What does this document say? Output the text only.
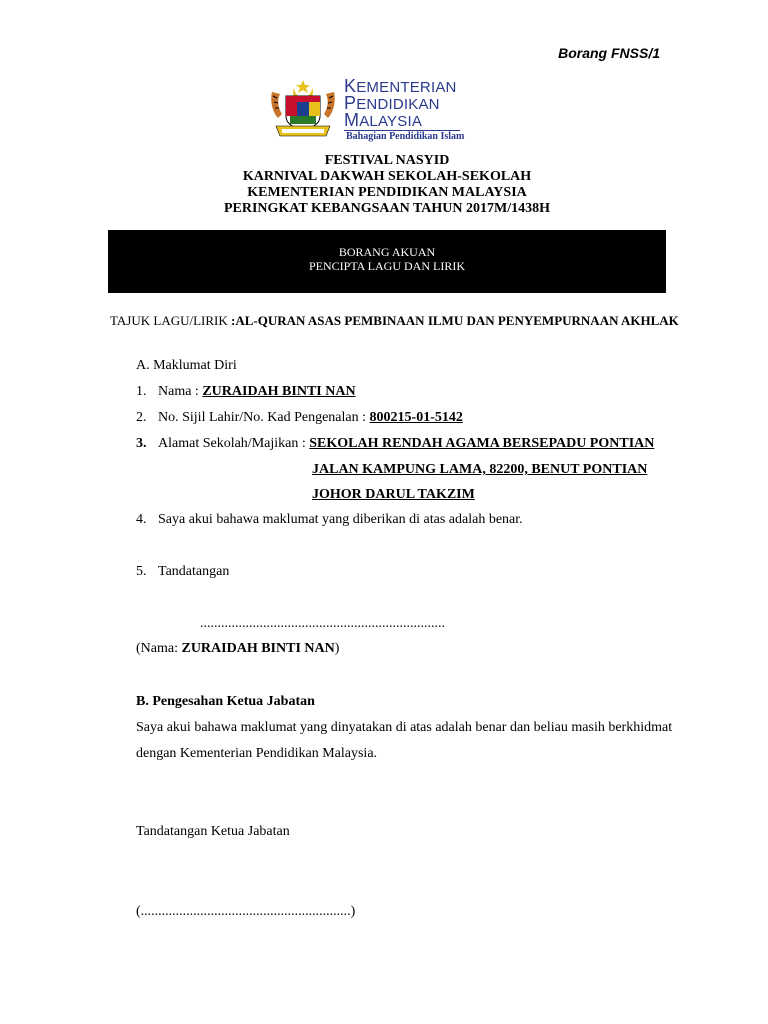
Borang FNSS/1
KEMENTERIAN
PENDIDIKAN
MALAYSIA
Bahagian Pendidikan Islam
FESTIVAL NASYID
KARNIVAL DAKWAH SEKOLAH-SEKOLAH
KEMENTERIAN PENDIDIKAN MALAYSIA
PERINGKAT KEBANGSAAN TAHUN 2017M/1438H
BORANG AKUAN
PENCIPTA LAGU DAN LIRIK
TAJUK LAGU/LIRIK :AL-QURAN ASAS PEMBINAAN ILMU DAN PENYEMPURNAAN AKHLAK
A. Maklumat Diri
1. Nama : ZURAIDAH BINTI NAN
2. No. Sijil Lahir/No. Kad Pengenalan : 800215-01-5142
3. Alamat Sekolah/Majikan : SEKOLAH RENDAH AGAMA BERSEPADU PONTIAN
JALAN KAMPUNG LAMA, 82200, BENUT PONTIAN
JOHOR DARUL TAKZIM
4. Saya akui bahawa maklumat yang diberikan di atas adalah benar.
5. Tandatangan
......................................................................
(Nama: ZURAIDAH BINTI NAN)
B. Pengesahan Ketua Jabatan
Saya akui bahawa maklumat yang dinyatakan di atas adalah benar dan beliau masih berkhidmat
dengan Kementerian Pendidikan Malaysia.
Tandatangan Ketua Jabatan
(............................................................)
